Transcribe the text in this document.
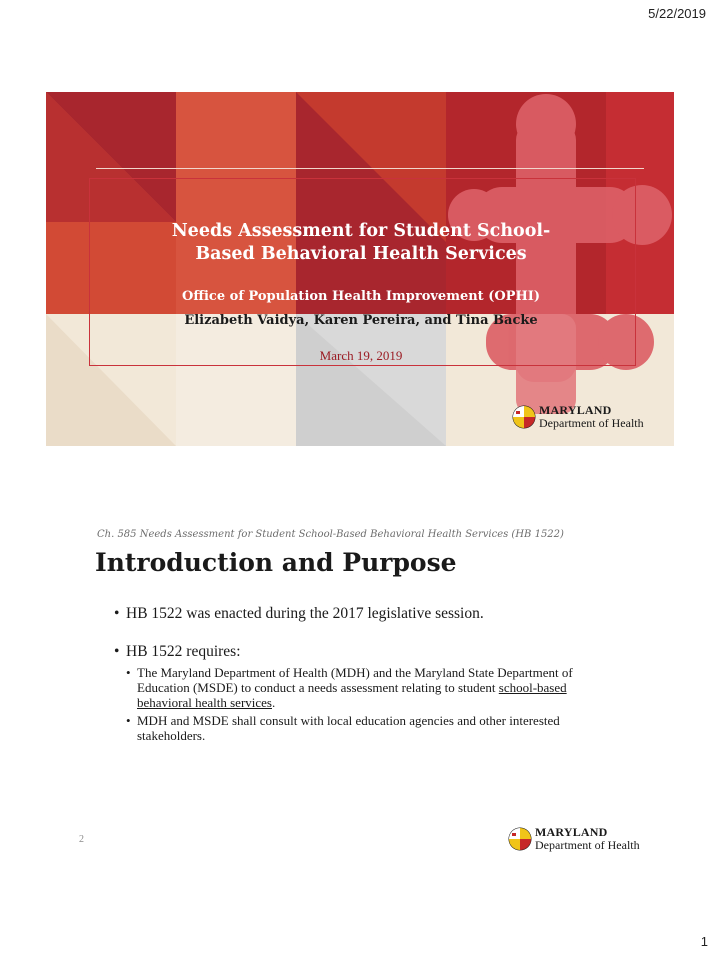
5/22/2019

Needs Assessment for Student School-
Based Behavioral Health Services

Office of Population Health Improvement (OPHI)

Elizabeth Vaidya, Karen Pereira, and Tina Backe

March 19, 2019

MARYLAND
Department of Health

Ch. 585 Needs Assessment for Student School-Based Behavioral Health Services (HB 1522)

Introduction and Purpose
• HB 1522 was enacted during the 2017 legislative session.
• HB 1522 requires:
• The Maryland Department of Health (MDH) and the Maryland State Department of Education (MSDE) to conduct a needs assessment relating to student school-based behavioral health services.
• MDH and MSDE shall consult with local education agencies and other interested stakeholders.

2

MARYLAND
Department of Health
1
